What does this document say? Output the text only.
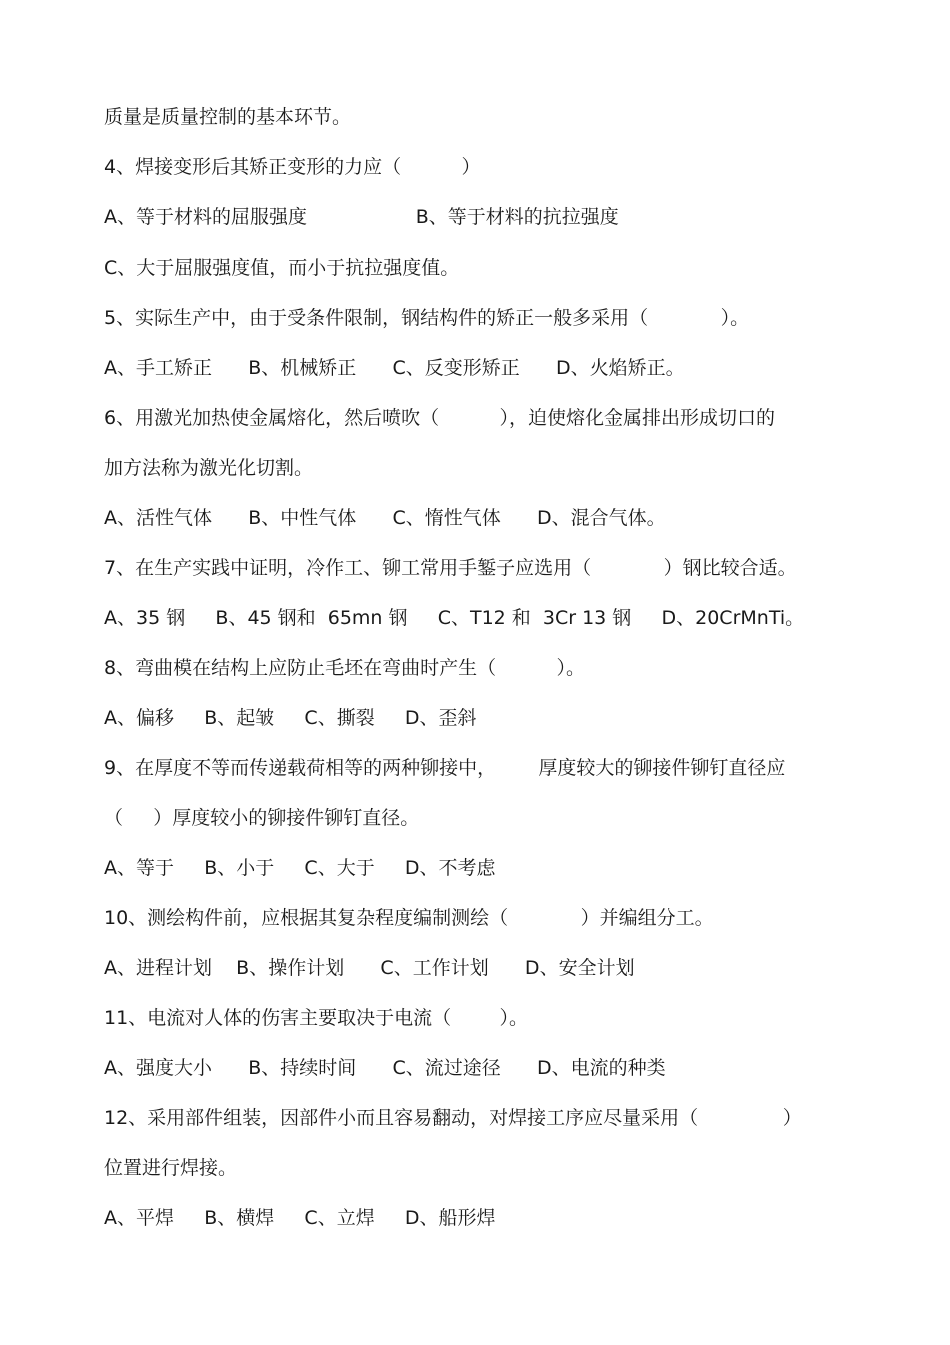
质量是质量控制的基本环节。
4、焊接变形后其矫正变形的力应（          ）
A、等于材料的屈服强度                  B、等于材料的抗拉强度
C、大于屈服强度值，而小于抗拉强度值。
5、实际生产中，由于受条件限制，钢结构件的矫正一般多采用（            ）。
A、手工矫正      B、机械矫正      C、反变形矫正      D、火焰矫正。
6、用激光加热使金属熔化，然后喷吹（          ），迫使熔化金属排出形成切口的
加方法称为激光化切割。
A、活性气体      B、中性气体      C、惰性气体      D、混合气体。
7、在生产实践中证明，冷作工、铆工常用手錾子应选用（            ）钢比较合适。
A、35 钢     B、45 钢和  65mn 钢     C、T12 和  3Cr 13 钢     D、20CrMnTi。
8、弯曲模在结构上应防止毛坯在弯曲时产生（          ）。
A、偏移     B、起皱     C、撕裂     D、歪斜
9、在厚度不等而传递载荷相等的两种铆接中，       厚度较大的铆接件铆钉直径应
（     ）厚度较小的铆接件铆钉直径。
A、等于     B、小于     C、大于     D、不考虑
10、测绘构件前，应根据其复杂程度编制测绘（            ）并编组分工。
A、进程计划    B、操作计划      C、工作计划      D、安全计划
11、电流对人体的伤害主要取决于电流（        ）。
A、强度大小      B、持续时间      C、流过途径      D、电流的种类
12、采用部件组装，因部件小而且容易翻动，对焊接工序应尽量采用（              ）
位置进行焊接。
A、平焊     B、横焊     C、立焊     D、船形焊
